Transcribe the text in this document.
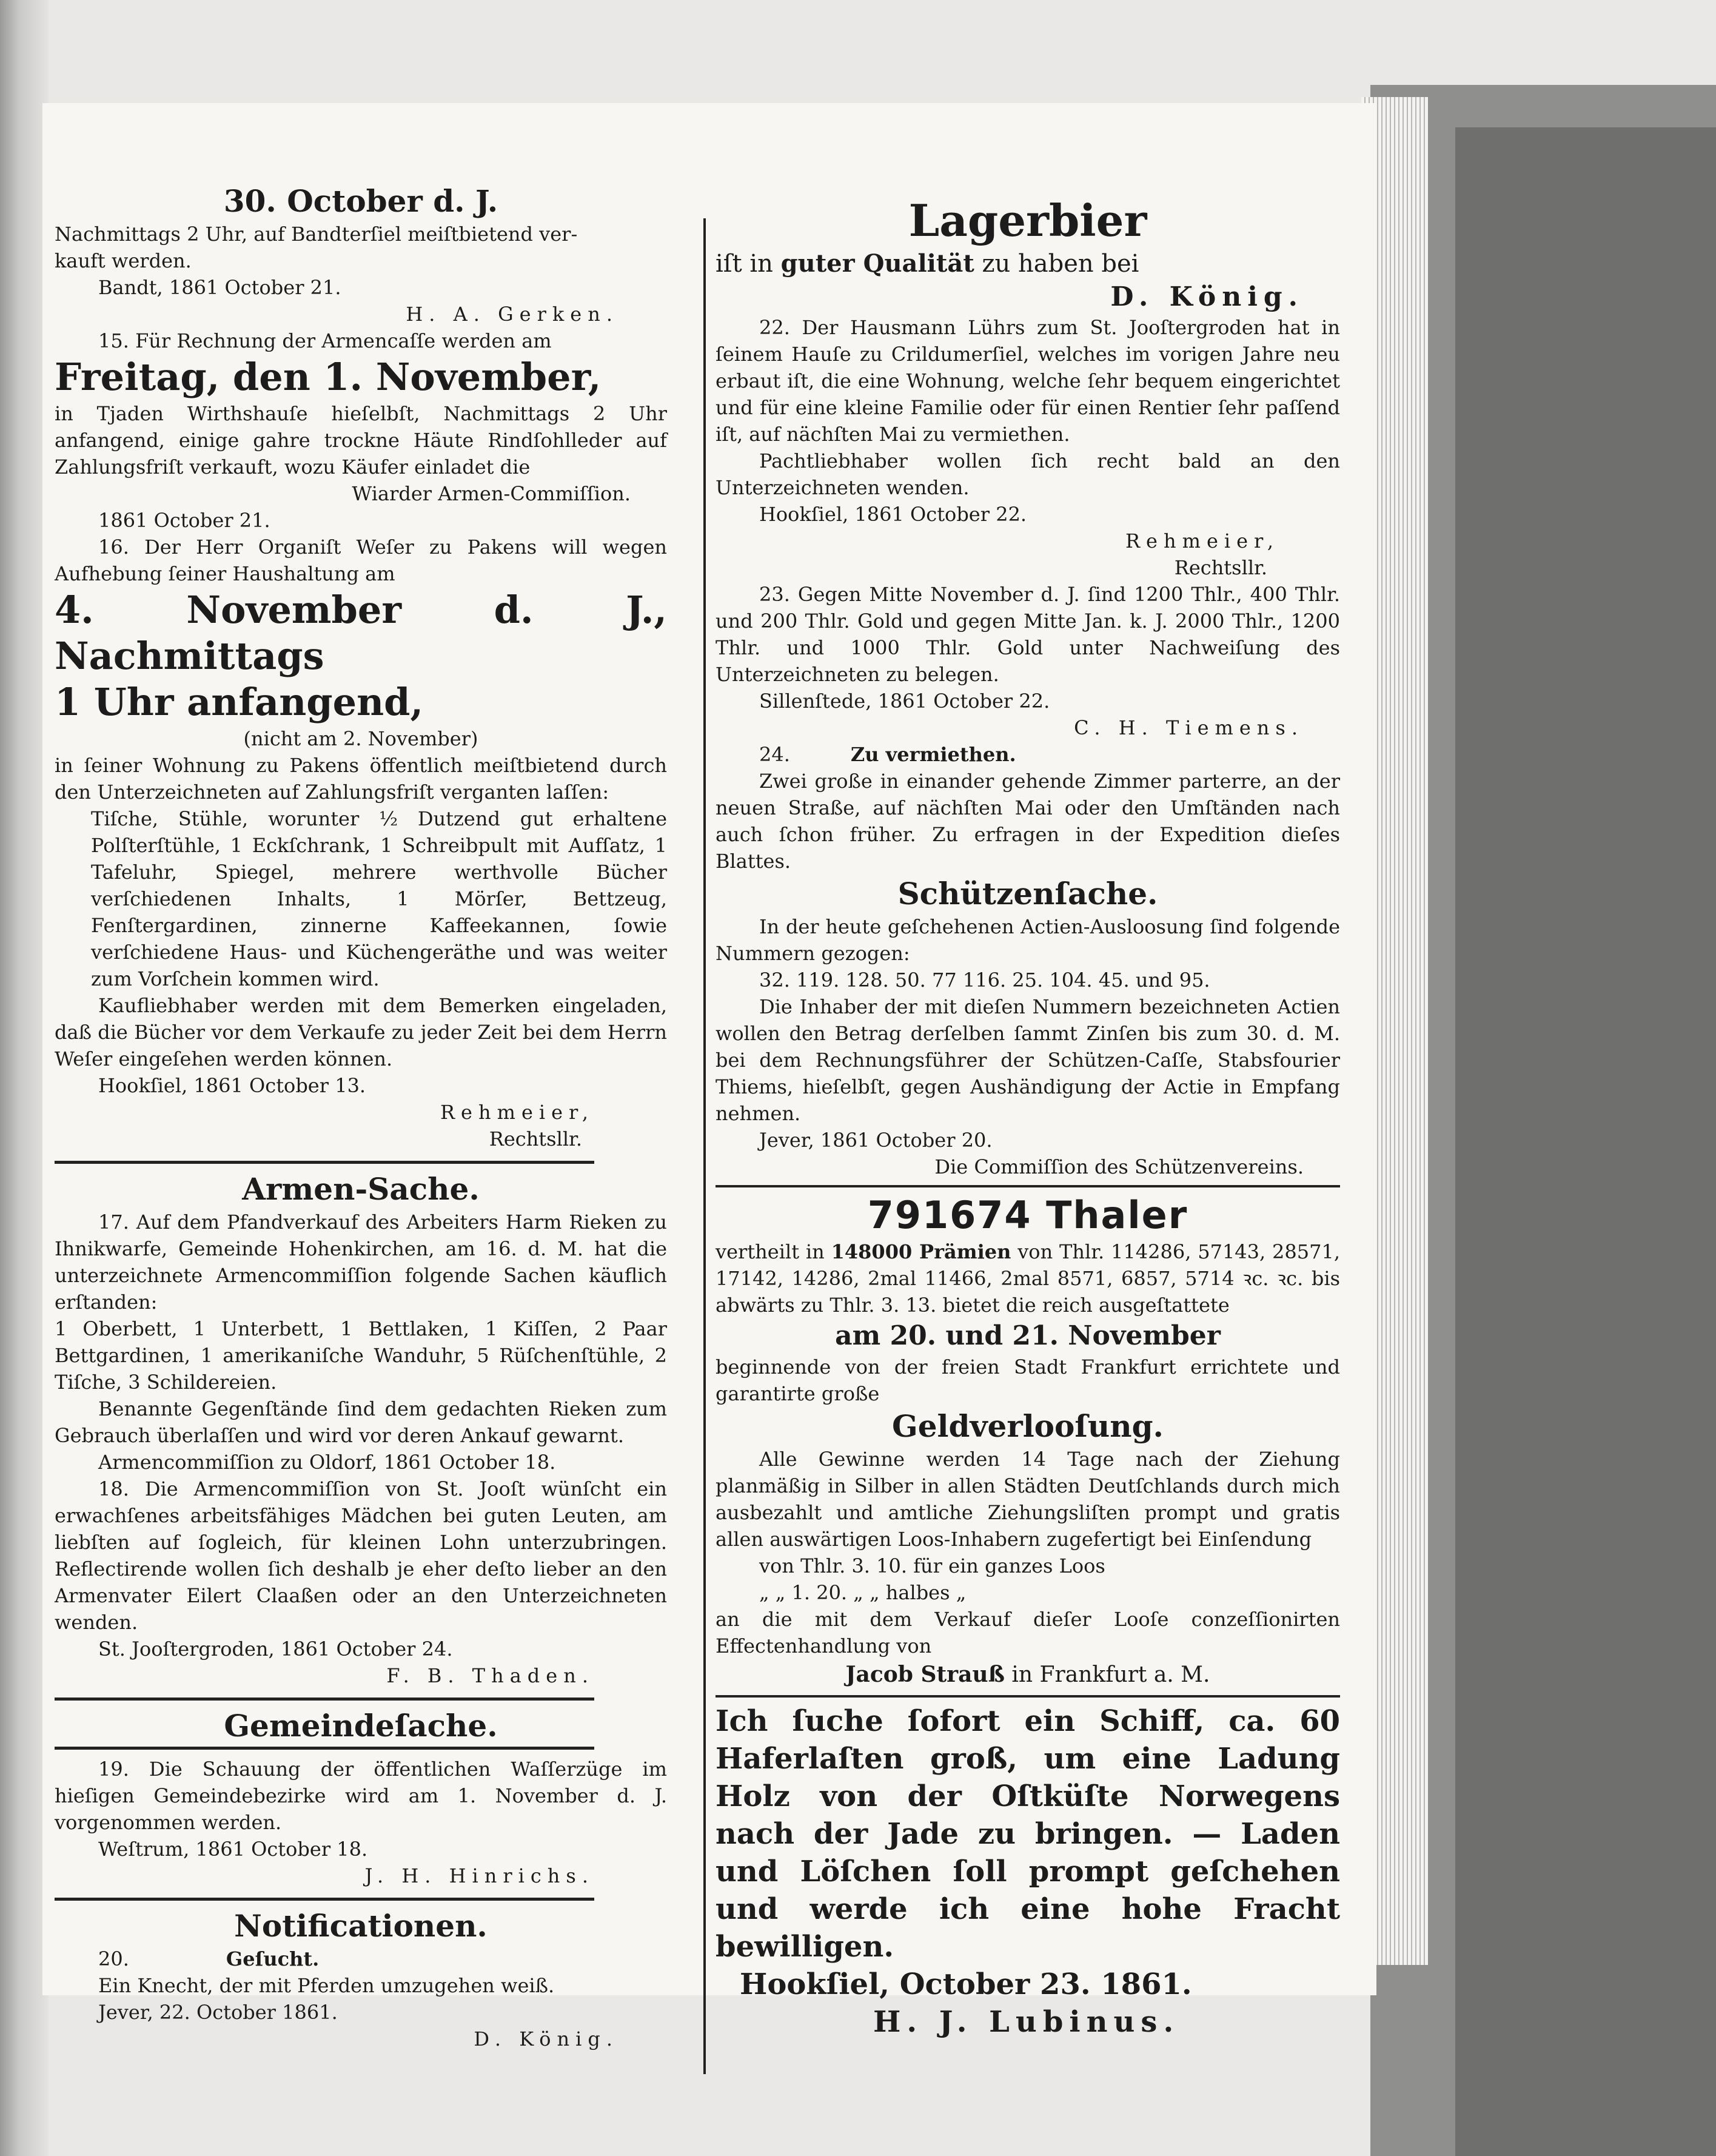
30. October d. J.

Nachmittags 2 Uhr, auf Bandterſiel meiſtbietend ver-

kauft werden.

Bandt, 1861 October 21.

H. A. Gerken.

15. Für Rechnung der Armencaſſe werden am

Freitag, den 1. November,

in Tjaden Wirthshauſe hieſelbſt, Nachmittags 2 Uhr anfangend, einige gahre trockne Häute Rindſohlleder auf Zahlungsfriſt verkauft, wozu Käufer einladet die

Wiarder Armen-Commiſſion.

1861 October 21.

16. Der Herr Organiſt Weſer zu Pakens will wegen Aufhebung ſeiner Haushaltung am

4. November d. J., Nachmittags

1 Uhr anfangend,

(nicht am 2. November)

in ſeiner Wohnung zu Pakens öffentlich meiſtbietend durch den Unterzeichneten auf Zahlungsfriſt verganten laſſen:

Tiſche, Stühle, worunter ½ Dutzend gut erhaltene Polſterſtühle, 1 Eckſchrank, 1 Schreibpult mit Aufſatz, 1 Tafeluhr, Spiegel, mehrere werthvolle Bücher verſchiedenen Inhalts, 1 Mörſer, Bettzeug, Fenſtergardinen, zinnerne Kaffeekannen, ſowie verſchiedene Haus- und Küchengeräthe und was weiter zum Vorſchein kommen wird.

Kaufliebhaber werden mit dem Bemerken eingeladen, daß die Bücher vor dem Verkaufe zu jeder Zeit bei dem Herrn Weſer eingeſehen werden können.

Hookſiel, 1861 October 13.

Rehmeier,

Rechtsllr.

Armen-Sache.

17. Auf dem Pfandverkauf des Arbeiters Harm Rieken zu Ihnikwarfe, Gemeinde Hohenkirchen, am 16. d. M. hat die unterzeichnete Armencommiſſion folgende Sachen käuflich erſtanden:

1 Oberbett, 1 Unterbett, 1 Bettlaken, 1 Kiſſen, 2 Paar Bettgardinen, 1 amerikaniſche Wanduhr, 5 Rüſchenſtühle, 2 Tiſche, 3 Schildereien.

Benannte Gegenſtände ſind dem gedachten Rieken zum Gebrauch überlaſſen und wird vor deren Ankauf gewarnt.

Armencommiſſion zu Oldorf, 1861 October 18.

18. Die Armencommiſſion von St. Jooſt wünſcht ein erwachſenes arbeitsfähiges Mädchen bei guten Leuten, am liebſten auf ſogleich, für kleinen Lohn unterzubringen. Reflectirende wollen ſich deshalb je eher deſto lieber an den Armenvater Eilert Claaßen oder an den Unterzeichneten wenden.

St. Jooſtergroden, 1861 October 24.

F. B. Thaden.

Gemeindeſache.

19. Die Schauung der öffentlichen Waſſerzüge im hieſigen Gemeindebezirke wird am 1. November d. J. vorgenommen werden.

Weſtrum, 1861 October 18.

J. H. Hinrichs.

Notificationen.

20.	Geſucht.

Ein Knecht, der mit Pferden umzugehen weiß.

Jever, 22. October 1861.

D. König.

Lagerbier

iſt in guter Qualität zu haben bei

D. König.

22. Der Hausmann Lührs zum St. Jooſtergroden hat in ſeinem Hauſe zu Crildumerſiel, welches im vorigen Jahre neu erbaut iſt, die eine Wohnung, welche ſehr bequem eingerichtet und für eine kleine Familie oder für einen Rentier ſehr paſſend iſt, auf nächſten Mai zu vermiethen.

Pachtliebhaber wollen ſich recht bald an den Unterzeichneten wenden.

Hookſiel, 1861 October 22.

Rehmeier,

Rechtsllr.

23. Gegen Mitte November d. J. ſind 1200 Thlr., 400 Thlr. und 200 Thlr. Gold und gegen Mitte Jan. k. J. 2000 Thlr., 1200 Thlr. und 1000 Thlr. Gold unter Nachweiſung des Unterzeichneten zu belegen.

Sillenſtede, 1861 October 22.

C. H. Tiemens.

24.	Zu vermiethen.

Zwei große in einander gehende Zimmer parterre, an der neuen Straße, auf nächſten Mai oder den Umſtänden nach auch ſchon früher. Zu erfragen in der Expedition dieſes Blattes.

Schützenſache.

In der heute geſchehenen Actien-Ausloosung ſind folgende Nummern gezogen:

32. 119. 128. 50. 77 116. 25. 104. 45. und 95.

Die Inhaber der mit dieſen Nummern bezeichneten Actien wollen den Betrag derſelben ſammt Zinſen bis zum 30. d. M. bei dem Rechnungsführer der Schützen-Caſſe, Stabsfourier Thiems, hieſelbſt, gegen Aushändigung der Actie in Empfang nehmen.

Jever, 1861 October 20.

Die Commiſſion des Schützenvereins.

791674 Thaler

vertheilt in 148000 Prämien von Thlr. 114286, 57143, 28571, 17142, 14286, 2mal 11466, 2mal 8571, 6857, 5714 ꝛc. ꝛc. bis abwärts zu Thlr. 3. 13. bietet die reich ausgeſtattete

am 20. und 21. November

beginnende von der freien Stadt Frankfurt errichtete und garantirte große

Geldverlooſung.

Alle Gewinne werden 14 Tage nach der Ziehung planmäßig in Silber in allen Städten Deutſchlands durch mich ausbezahlt und amtliche Ziehungsliſten prompt und gratis allen auswärtigen Loos-Inhabern zugefertigt bei Einſendung

von Thlr. 3. 10. für ein ganzes Loos

„ „ 1. 20. „ „ halbes „

an die mit dem Verkauf dieſer Looſe conzeſſionirten Effectenhandlung von

Jacob Strauß in Frankfurt a. M.

Ich ſuche ſofort ein Schiff, ca. 60 Haferlaſten groß, um eine Ladung Holz von der Oſtküſte Norwegens nach der Jade zu bringen. — Laden und Löſchen ſoll prompt geſchehen und werde ich eine hohe Fracht bewilligen.

Hookſiel, October 23. 1861.

H. J. Lubinus.
